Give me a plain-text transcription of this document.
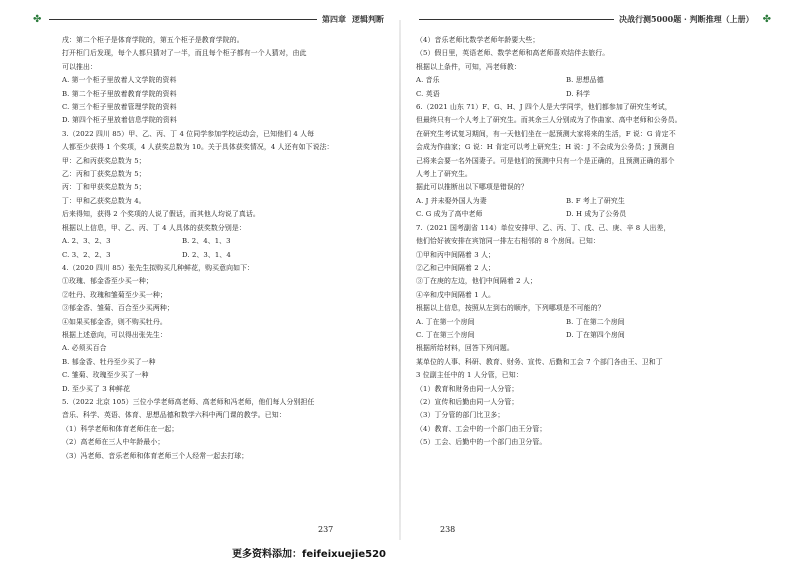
✤	第四章 逻辑判断
戌：第二个柜子是体育学院的，第五个柜子是教育学院的。
打开柜门后发现，每个人都只猜对了一半，而且每个柜子都有一个人猜对，由此
可以推出：
A. 第一个柜子里放着人文学院的资料
B. 第二个柜子里放着教育学院的资料
C. 第三个柜子里放着管理学院的资料
D. 第四个柜子里放着信息学院的资料
3.（2022 四川 85）甲、乙、丙、丁 4 位同学参加学校运动会，已知他们 4 人每
人都至少获得 1 个奖项，4 人获奖总数为 10。关于具体获奖情况，4 人还有如下说法：
甲：乙和丙获奖总数为 5；
乙：丙和丁获奖总数为 5；
丙：丁和甲获奖总数为 5；
丁：甲和乙获奖总数为 4。
后来得知，获得 2 个奖项的人说了假话，而其他人均说了真话。
根据以上信息，甲、乙、丙、丁 4 人具体的获奖数分别是：
A. 2、3、2、3	B. 2、4、1、3
C. 3、2、2、3	D. 2、3、1、4
4.（2020 四川 85）张先生拟购买几种鲜花，购买意向如下：
①玫瑰、郁金香至少买一种；
②牡丹、玫瑰和雏菊至少买一种；
③郁金香、雏菊、百合至少买两种；
④如果买郁金香，则不购买牡丹。
根据上述意向，可以得出张先生：
A. 必须买百合
B. 郁金香、牡丹至少买了一种
C. 雏菊、玫瑰至少买了一种
D. 至少买了 3 种鲜花
5.（2022 北京 105）三位小学老师高老师、高老师和冯老师，他们每人分别担任
音乐、科学、英语、体育、思想品德和数学六科中两门课的教学。已知：
（1）科学老师和体育老师住在一起；
（2）高老师在三人中年龄最小；
（3）冯老师、音乐老师和体育老师三个人经常一起去打球；
237
决战行测5000题 · 判断推理（上册） ✤
（4）音乐老师比数学老师年龄要大些；
（5）假日里，英语老师、数学老师和高老师喜欢结伴去旅行。
根据以上条件，可知，冯老师教：
A. 音乐	B. 思想品德
C. 英语	D. 科学
6.（2021 山东 71）F、G、H、J 四个人是大学同学，他们都参加了研究生考试，
但最终只有一个人考上了研究生。而其余三人分别成为了作曲家、高中老师和公务员。
在研究生考试复习期间，有一天他们坐在一起预测大家将来的生活，F 说：G 肯定不
会成为作曲家；G 说：H 肯定可以考上研究生；H 说：J 不会成为公务员；J 预测自
己将来会要一名外国妻子。可是他们的预测中只有一个是正确的，且预测正确的那个
人考上了研究生。
据此可以推断出以下哪项是错误的？
A. J 并未娶外国人为妻	B. F 考上了研究生
C. G 成为了高中老师	D. H 成为了公务员
7.（2021 国考副省 114）单位安排甲、乙、丙、丁、戊、己、庚、辛 8 人出差，
他们恰好被安排在宾馆同一排左右相邻的 8 个房间。已知：
①甲和丙中间隔着 3 人；
②乙和己中间隔着 2 人；
③丁在庚的左边，他们中间隔着 2 人；
④辛和戊中间隔着 1 人。
根据以上信息，按照从左到右的顺序，下列哪项是不可能的？
A. 丁在第一个房间	B. 丁在第二个房间
C. 丁在第三个房间	D. 丁在第四个房间
根据所给材料，回答下列问题。
某单位的人事、科研、教育、财务、宣传、后勤和工会 7 个部门各由王、卫和丁
3 位副主任中的 1 人分管，已知：
（1）教育和财务由同一人分管；
（2）宣传和后勤由同一人分管；
（3）丁分管的部门比卫多；
（4）教育、工会中的一个部门由王分管；
（5）工会、后勤中的一个部门由卫分管。
238
更多资料添加：feifeixuejie520
